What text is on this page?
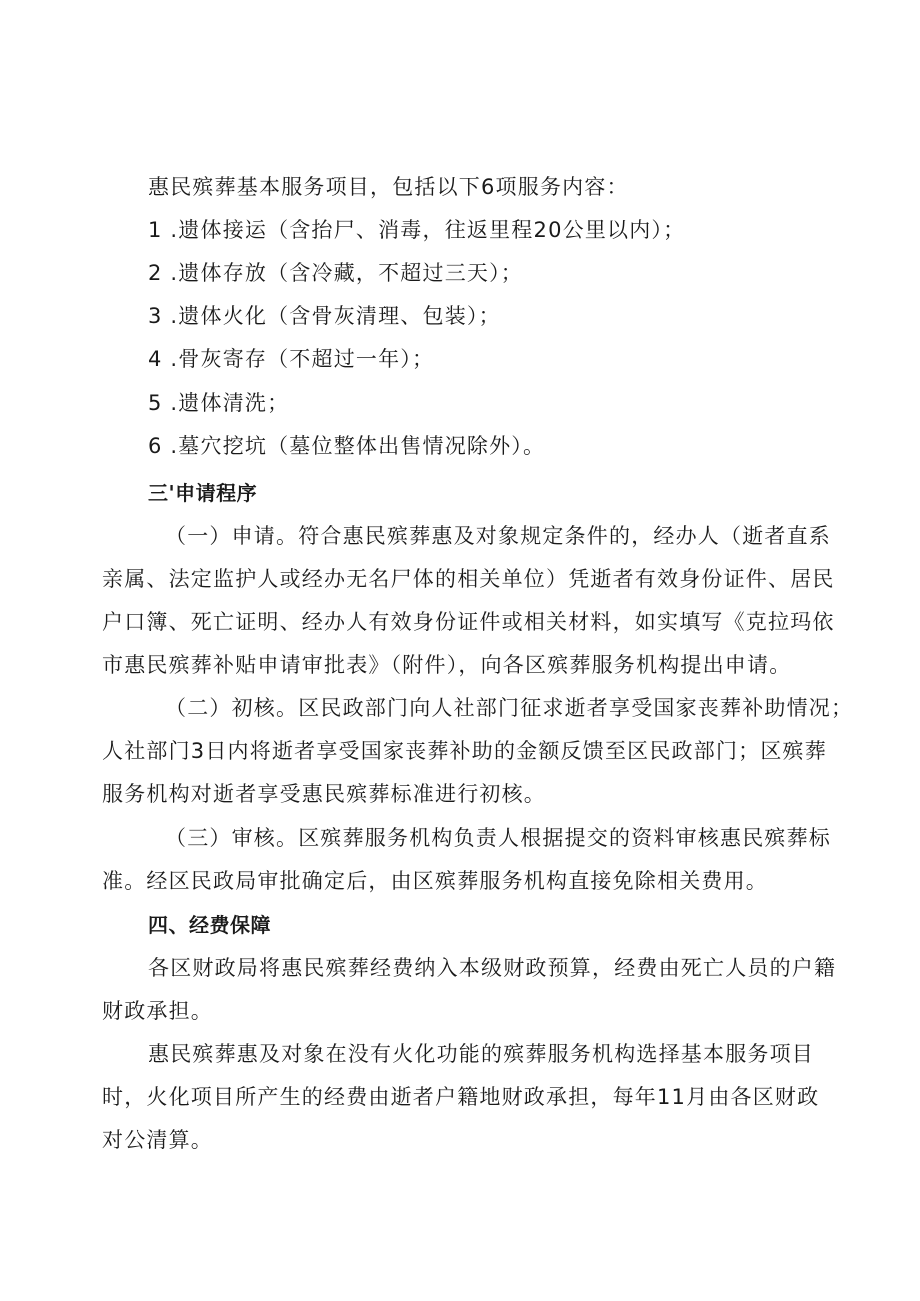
惠民殡葬基本服务项目，包括以下6项服务内容：
1 .遗体接运（含抬尸、消毒，往返里程20公里以内）；
2 .遗体存放（含冷藏，不超过三天）；
3 .遗体火化（含骨灰清理、包装）；
4 .骨灰寄存（不超过一年）；
5 .遗体清洗；
6 .墓穴挖坑（墓位整体出售情况除外）。
三'申请程序
（一）申请。符合惠民殡葬惠及对象规定条件的，经办人（逝者直系
亲属、法定监护人或经办无名尸体的相关单位）凭逝者有效身份证件、居民
户口簿、死亡证明、经办人有效身份证件或相关材料，如实填写《克拉玛依
市惠民殡葬补贴申请审批表》（附件），向各区殡葬服务机构提出申请。
（二）初核。区民政部门向人社部门征求逝者享受国家丧葬补助情况；
人社部门3日内将逝者享受国家丧葬补助的金额反馈至区民政部门；区殡葬
服务机构对逝者享受惠民殡葬标准进行初核。
（三）审核。区殡葬服务机构负责人根据提交的资料审核惠民殡葬标
准。经区民政局审批确定后，由区殡葬服务机构直接免除相关费用。
四、经费保障
各区财政局将惠民殡葬经费纳入本级财政预算，经费由死亡人员的户籍
财政承担。
惠民殡葬惠及对象在没有火化功能的殡葬服务机构选择基本服务项目
时，火化项目所产生的经费由逝者户籍地财政承担，每年11月由各区财政
对公清算。
